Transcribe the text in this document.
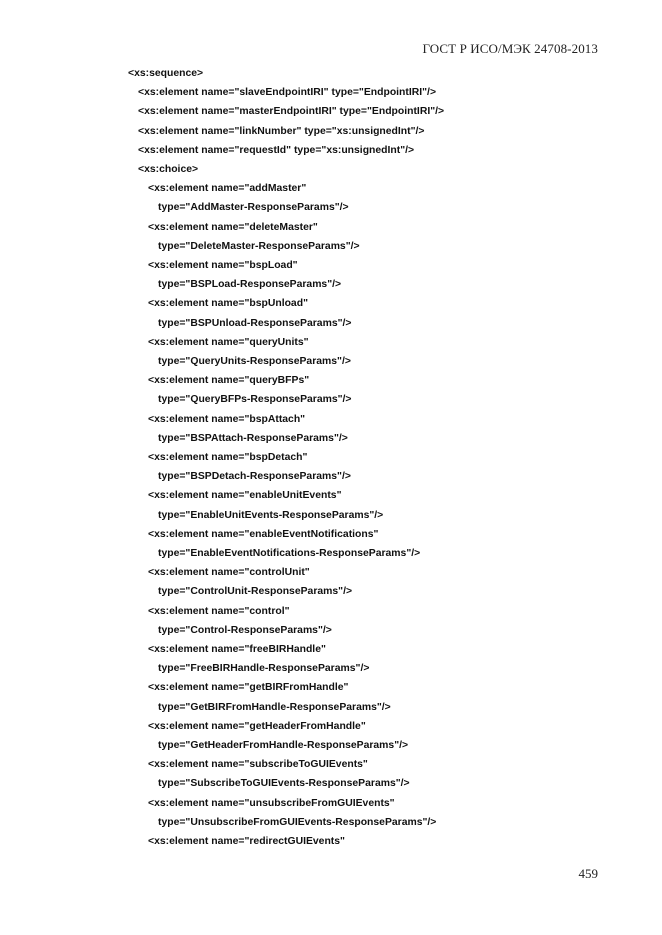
ГОСТ Р ИСО/МЭК 24708-2013
<xs:sequence>
<xs:element name="slaveEndpointIRI" type="EndpointIRI"/>
<xs:element name="masterEndpointIRI" type="EndpointIRI"/>
<xs:element name="linkNumber" type="xs:unsignedInt"/>
<xs:element name="requestId" type="xs:unsignedInt"/>
<xs:choice>
<xs:element name="addMaster"
type="AddMaster-ResponseParams"/>
<xs:element name="deleteMaster"
type="DeleteMaster-ResponseParams"/>
<xs:element name="bspLoad"
type="BSPLoad-ResponseParams"/>
<xs:element name="bspUnload"
type="BSPUnload-ResponseParams"/>
<xs:element name="queryUnits"
type="QueryUnits-ResponseParams"/>
<xs:element name="queryBFPs"
type="QueryBFPs-ResponseParams"/>
<xs:element name="bspAttach"
type="BSPAttach-ResponseParams"/>
<xs:element name="bspDetach"
type="BSPDetach-ResponseParams"/>
<xs:element name="enableUnitEvents"
type="EnableUnitEvents-ResponseParams"/>
<xs:element name="enableEventNotifications"
type="EnableEventNotifications-ResponseParams"/>
<xs:element name="controlUnit"
type="ControlUnit-ResponseParams"/>
<xs:element name="control"
type="Control-ResponseParams"/>
<xs:element name="freeBIRHandle"
type="FreeBIRHandle-ResponseParams"/>
<xs:element name="getBIRFromHandle"
type="GetBIRFromHandle-ResponseParams"/>
<xs:element name="getHeaderFromHandle"
type="GetHeaderFromHandle-ResponseParams"/>
<xs:element name="subscribeToGUIEvents"
type="SubscribeToGUIEvents-ResponseParams"/>
<xs:element name="unsubscribeFromGUIEvents"
type="UnsubscribeFromGUIEvents-ResponseParams"/>
<xs:element name="redirectGUIEvents"
459
